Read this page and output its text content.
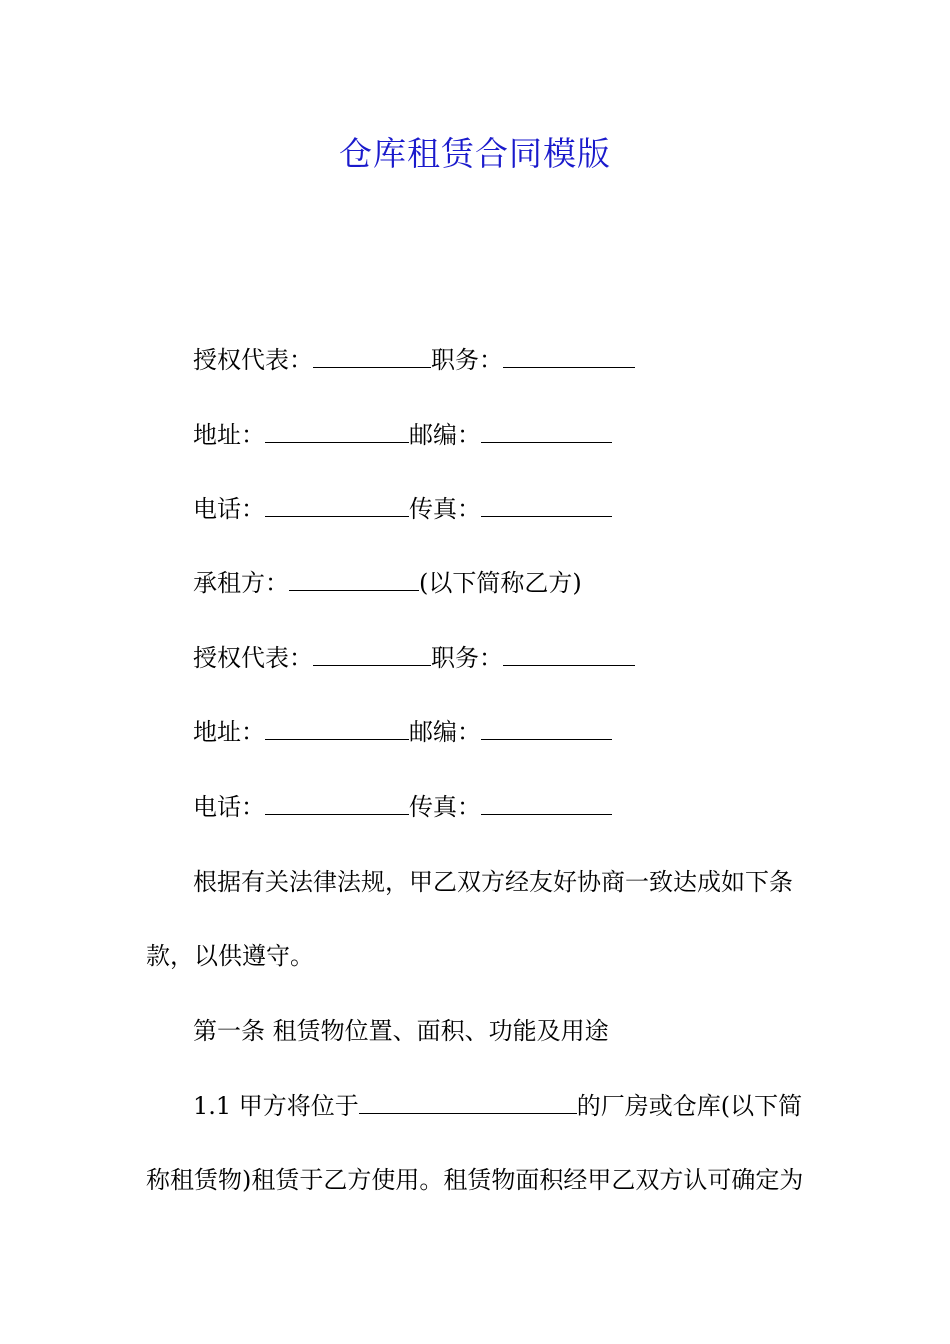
仓库租赁合同模版
授权代表：	职务：
地址：	邮编：
电话：	传真：
承租方：	(以下简称乙方)
授权代表：	职务：
地址：	邮编：
电话：	传真：
根据有关法律法规，甲乙双方经友好协商一致达成如下条
款，以供遵守。
第一条 租赁物位置、面积、功能及用途
1.1 甲方将位于	的厂房或仓库(以下简
称租赁物)租赁于乙方使用。租赁物面积经甲乙双方认可确定为
